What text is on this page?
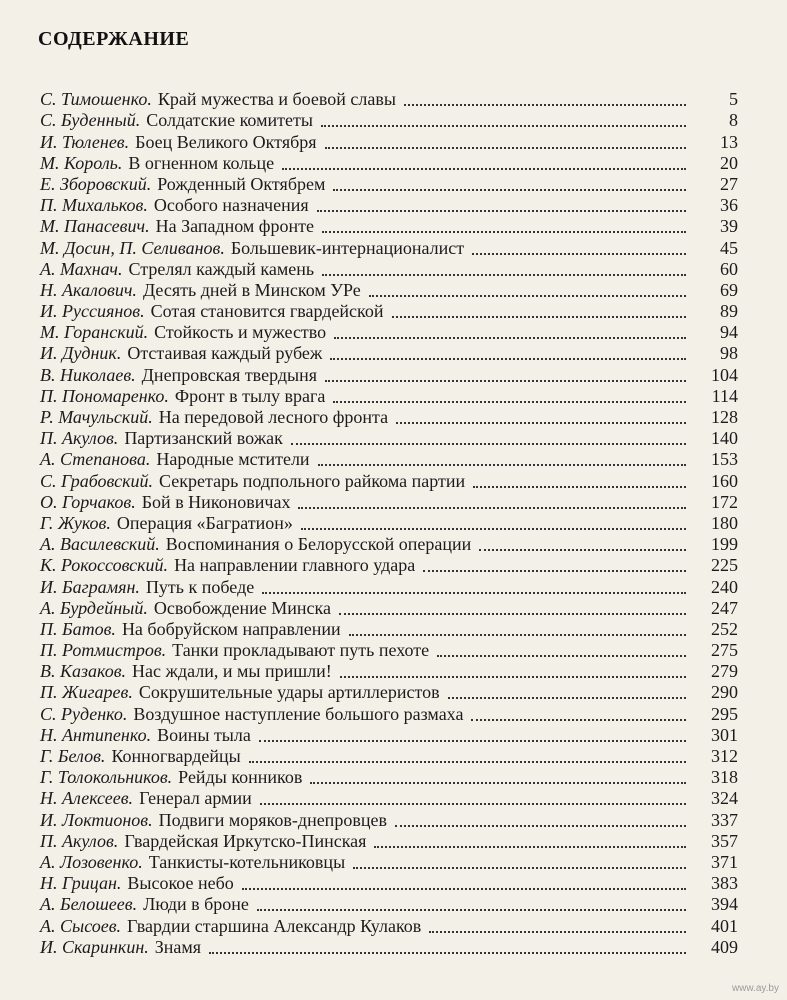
СОДЕРЖАНИЕ
С. Тимошенко. Край мужества и боевой славы	5
С. Буденный. Солдатские комитеты	8
И. Тюленев. Боец Великого Октября	13
М. Король. В огненном кольце	20
Е. Зборовский. Рожденный Октябрем	27
П. Михальков. Особого назначения	36
М. Панасевич. На Западном фронте	39
М. Досин, П. Селиванов. Большевик-интернационалист	45
А. Махнач. Стрелял каждый камень	60
Н. Акалович. Десять дней в Минском УРе	69
И. Руссиянов. Сотая становится гвардейской	89
М. Горанский. Стойкость и мужество	94
И. Дудник. Отстаивая каждый рубеж	98
В. Николаев. Днепровская твердыня	104
П. Пономаренко. Фронт в тылу врага	114
Р. Мачульский. На передовой лесного фронта	128
П. Акулов. Партизанский вожак	140
А. Степанова. Народные мстители	153
С. Грабовский. Секретарь подпольного райкома партии	160
О. Горчаков. Бой в Никоновичах	172
Г. Жуков. Операция «Багратион»	180
А. Василевский. Воспоминания о Белорусской операции	199
К. Рокоссовский. На направлении главного удара	225
И. Баграмян. Путь к победе	240
А. Бурдейный. Освобождение Минска	247
П. Батов. На бобруйском направлении	252
П. Ротмистров. Танки прокладывают путь пехоте	275
В. Казаков. Нас ждали, и мы пришли!	279
П. Жигарев. Сокрушительные удары артиллеристов	290
С. Руденко. Воздушное наступление большого размаха	295
Н. Антипенко. Воины тыла	301
Г. Белов. Конногвардейцы	312
Г. Толокольников. Рейды конников	318
Н. Алексеев. Генерал армии	324
И. Локтионов. Подвиги моряков-днепровцев	337
П. Акулов. Гвардейская Иркутско-Пинская	357
А. Лозовенко. Танкисты-котельниковцы	371
Н. Грицан. Высокое небо	383
А. Белошеев. Люди в броне	394
А. Сысоев. Гвардии старшина Александр Кулаков	401
И. Скаринкин. Знамя	409
www.ay.by
